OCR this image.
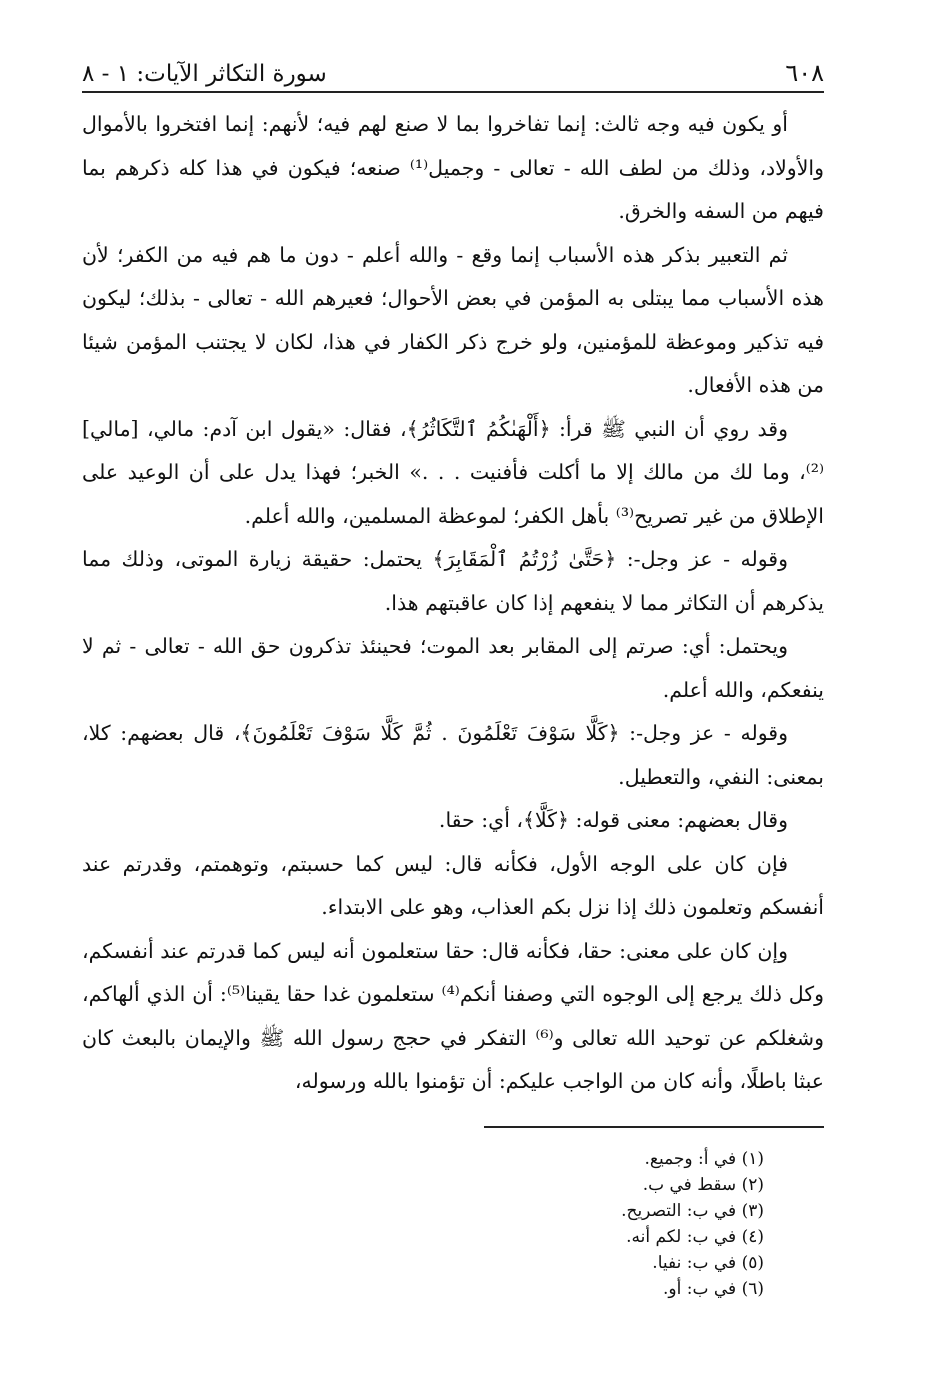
٦٠٨
سورة التكاثر الآيات: ١ - ٨

أو يكون فيه وجه ثالث: إنما تفاخروا بما لا صنع لهم فيه؛ لأنهم: إنما افتخروا بالأموال والأولاد، وذلك من لطف الله - تعالى - وجميل⁽¹⁾ صنعه؛ فيكون في هذا كله ذكرهم بما فيهم من السفه والخرق.

ثم التعبير بذكر هذه الأسباب إنما وقع - والله أعلم - دون ما هم فيه من الكفر؛ لأن هذه الأسباب مما يبتلى به المؤمن في بعض الأحوال؛ فعيرهم الله - تعالى - بذلك؛ ليكون فيه تذكير وموعظة للمؤمنين، ولو خرج ذكر الكفار في هذا، لكان لا يجتنب المؤمن شيئا من هذه الأفعال.

وقد روي أن النبي ﷺ قرأ: ﴿أَلْهَىٰكُمُ ٱلتَّكَاثُرُ﴾، فقال: «يقول ابن آدم: مالي، [مالي]⁽²⁾، وما لك من مالك إلا ما أكلت فأفنيت . . .» الخبر؛ فهذا يدل على أن الوعيد على الإطلاق من غير تصريح⁽³⁾ بأهل الكفر؛ لموعظة المسلمين، والله أعلم.

وقوله - عز وجل-: ﴿حَتَّىٰ زُرْتُمُ ٱلْمَقَابِرَ﴾ يحتمل: حقيقة زيارة الموتى، وذلك مما يذكرهم أن التكاثر مما لا ينفعهم إذا كان عاقبتهم هذا.

ويحتمل: أي: صرتم إلى المقابر بعد الموت؛ فحينئذ تذكرون حق الله - تعالى - ثم لا ينفعكم، والله أعلم.

وقوله - عز وجل-: ﴿كَلَّا سَوْفَ تَعْلَمُونَ . ثُمَّ كَلَّا سَوْفَ تَعْلَمُونَ﴾، قال بعضهم: كلا، بمعنى: النفي، والتعطيل.

وقال بعضهم: معنى قوله: ﴿كَلَّا﴾، أي: حقا.

فإن كان على الوجه الأول، فكأنه قال: ليس كما حسبتم، وتوهمتم، وقدرتم عند أنفسكم وتعلمون ذلك إذا نزل بكم العذاب، وهو على الابتداء.

وإن كان على معنى: حقا، فكأنه قال: حقا ستعلمون أنه ليس كما قدرتم عند أنفسكم، وكل ذلك يرجع إلى الوجوه التي وصفنا أنكم⁽⁴⁾ ستعلمون غدا حقا يقينا⁽⁵⁾: أن الذي ألهاكم، وشغلكم عن توحيد الله تعالى و⁽⁶⁾ التفكر في حجج رسول الله ﷺ والإيمان بالبعث كان عبثا باطلًا، وأنه كان من الواجب عليكم: أن تؤمنوا بالله ورسوله،

(١) في أ: وجميع.
(٢) سقط في ب.
(٣) في ب: التصريح.
(٤) في ب: لكم أنه.
(٥) في ب: نفيا.
(٦) في ب: أو.
